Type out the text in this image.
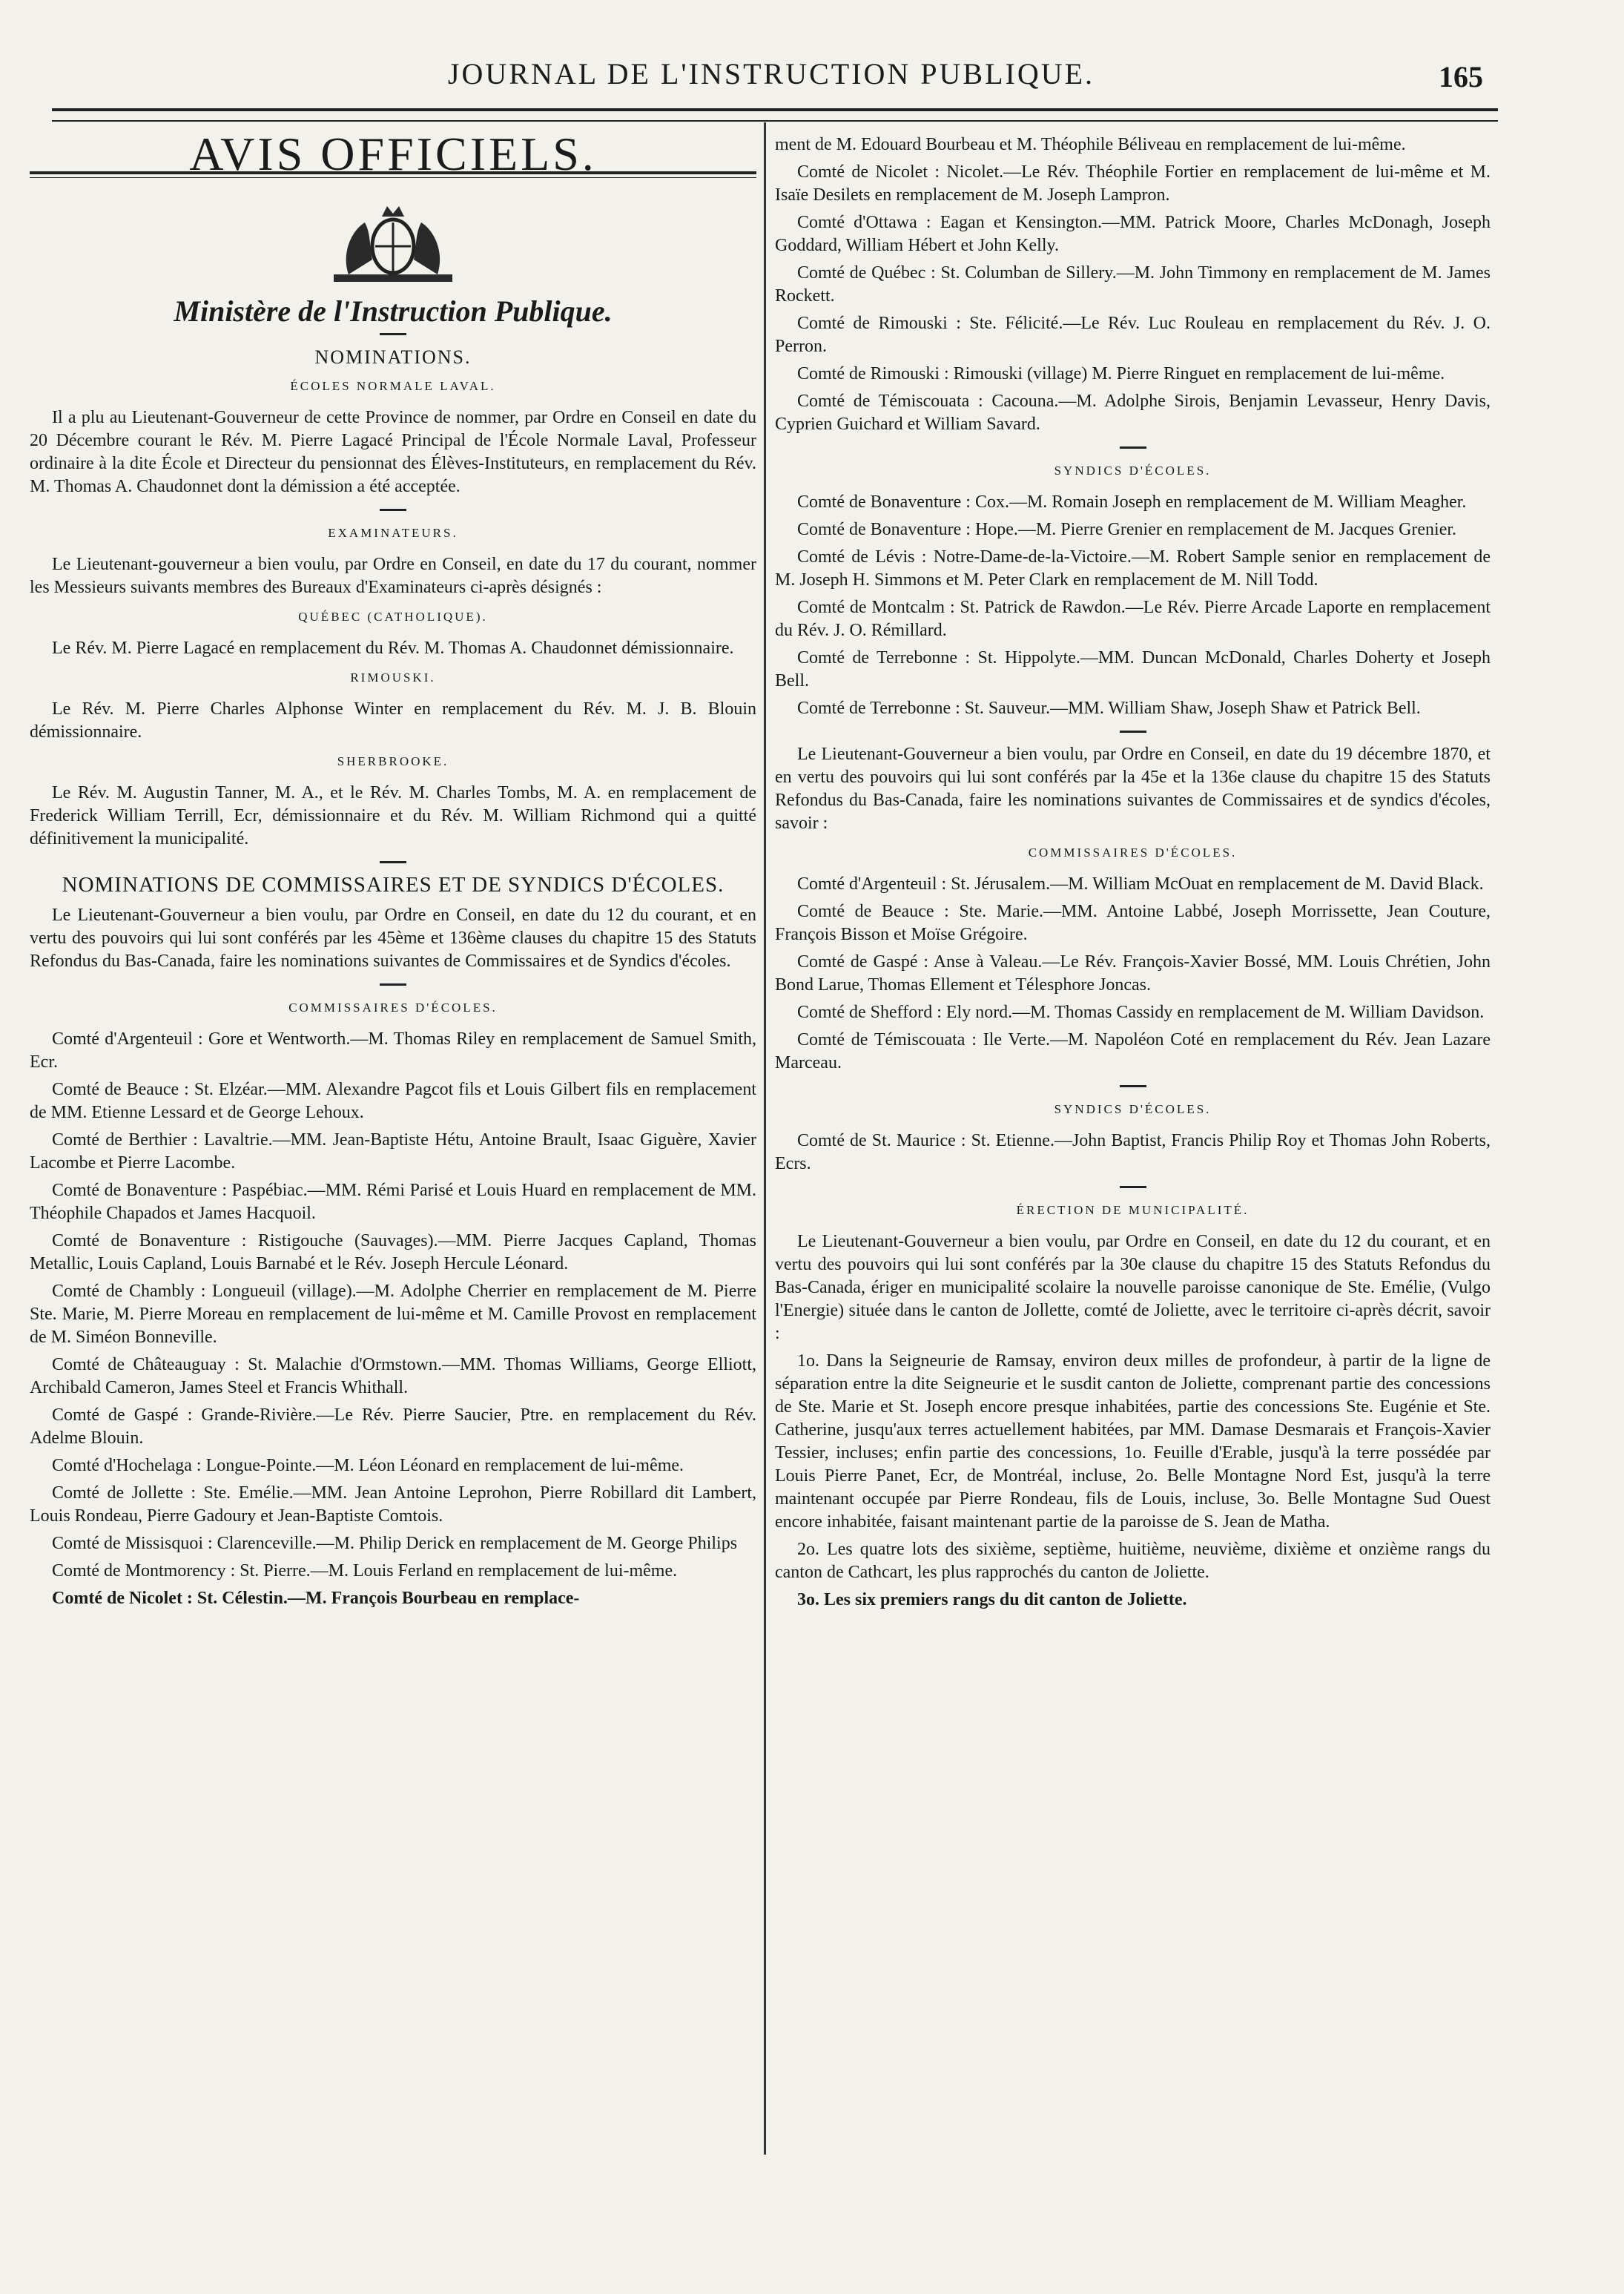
JOURNAL DE L'INSTRUCTION PUBLIQUE.	165
AVIS OFFICIELS.
Ministère de l'Instruction Publique.
NOMINATIONS.
ÉCOLES NORMALE LAVAL.

Il a plu au Lieutenant-Gouverneur de cette Province de nommer, par Ordre en Conseil en date du 20 Décembre courant le Rév. M. Pierre Lagacé Principal de l'École Normale Laval, Professeur ordinaire à la dite École et Directeur du pensionnat des Élèves-Instituteurs, en remplacement du Rév. M. Thomas A. Chaudonnet dont la démission a été acceptée.

EXAMINATEURS.

Le Lieutenant-gouverneur a bien voulu, par Ordre en Conseil, en date du 17 du courant, nommer les Messieurs suivants membres des Bureaux d'Examinateurs ci-après désignés :

QUÉBEC (CATHOLIQUE).

Le Rév. M. Pierre Lagacé en remplacement du Rév. M. Thomas A. Chaudonnet démissionnaire.

RIMOUSKI.

Le Rév. M. Pierre Charles Alphonse Winter en remplacement du Rév. M. J. B. Blouin démissionnaire.

SHERBROOKE.

Le Rév. M. Augustin Tanner, M. A., et le Rév. M. Charles Tombs, M. A. en remplacement de Frederick William Terrill, Ecr, démissionnaire et du Rév. M. William Richmond qui a quitté définitivement la municipalité.

NOMINATIONS DE COMMISSAIRES ET DE SYNDICS D'ÉCOLES.

Le Lieutenant-Gouverneur a bien voulu, par Ordre en Conseil, en date du 12 du courant, et en vertu des pouvoirs qui lui sont conférés par les 45ème et 136ème clauses du chapitre 15 des Statuts Refondus du Bas-Canada, faire les nominations suivantes de Commissaires et de Syndics d'écoles.

COMMISSAIRES D'ÉCOLES.

Comté d'Argenteuil : Gore et Wentworth.—M. Thomas Riley en remplacement de Samuel Smith, Ecr.

Comté de Beauce : St. Elzéar.—MM. Alexandre Pagcot fils et Louis Gilbert fils en remplacement de MM. Etienne Lessard et de George Lehoux.

Comté de Berthier : Lavaltrie.—MM. Jean-Baptiste Hétu, Antoine Brault, Isaac Giguère, Xavier Lacombe et Pierre Lacombe.

Comté de Bonaventure : Paspébiac.—MM. Rémi Parisé et Louis Huard en remplacement de MM. Théophile Chapados et James Hacquoil.

Comté de Bonaventure : Ristigouche (Sauvages).—MM. Pierre Jacques Capland, Thomas Metallic, Louis Capland, Louis Barnabé et le Rév. Joseph Hercule Léonard.

Comté de Chambly : Longueuil (village).—M. Adolphe Cherrier en remplacement de M. Pierre Ste. Marie, M. Pierre Moreau en remplacement de lui-même et M. Camille Provost en remplacement de M. Siméon Bonneville.

Comté de Châteauguay : St. Malachie d'Ormstown.—MM. Thomas Williams, George Elliott, Archibald Cameron, James Steel et Francis Whithall.

Comté de Gaspé : Grande-Rivière.—Le Rév. Pierre Saucier, Ptre. en remplacement du Rév. Adelme Blouin.

Comté d'Hochelaga : Longue-Pointe.—M. Léon Léonard en remplacement de lui-même.

Comté de Jollette : Ste. Emélie.—MM. Jean Antoine Leprohon, Pierre Robillard dit Lambert, Louis Rondeau, Pierre Gadoury et Jean-Baptiste Comtois.

Comté de Missisquoi : Clarenceville.—M. Philip Derick en remplacement de M. George Philips

Comté de Montmorency : St. Pierre.—M. Louis Ferland en remplacement de lui-même.

Comté de Nicolet : St. Célestin.—M. François Bourbeau en remplace-

ment de M. Edouard Bourbeau et M. Théophile Béliveau en remplacement de lui-même.

Comté de Nicolet : Nicolet.—Le Rév. Théophile Fortier en remplacement de lui-même et M. Isaïe Desilets en remplacement de M. Joseph Lampron.

Comté d'Ottawa : Eagan et Kensington.—MM. Patrick Moore, Charles McDonagh, Joseph Goddard, William Hébert et John Kelly.

Comté de Québec : St. Columban de Sillery.—M. John Timmony en remplacement de M. James Rockett.

Comté de Rimouski : Ste. Félicité.—Le Rév. Luc Rouleau en remplacement du Rév. J. O. Perron.

Comté de Rimouski : Rimouski (village) M. Pierre Ringuet en remplacement de lui-même.

Comté de Témiscouata : Cacouna.—M. Adolphe Sirois, Benjamin Levasseur, Henry Davis, Cyprien Guichard et William Savard.

SYNDICS D'ÉCOLES.

Comté de Bonaventure : Cox.—M. Romain Joseph en remplacement de M. William Meagher.

Comté de Bonaventure : Hope.—M. Pierre Grenier en remplacement de M. Jacques Grenier.

Comté de Lévis : Notre-Dame-de-la-Victoire.—M. Robert Sample senior en remplacement de M. Joseph H. Simmons et M. Peter Clark en remplacement de M. Nill Todd.

Comté de Montcalm : St. Patrick de Rawdon.—Le Rév. Pierre Arcade Laporte en remplacement du Rév. J. O. Rémillard.

Comté de Terrebonne : St. Hippolyte.—MM. Duncan McDonald, Charles Doherty et Joseph Bell.

Comté de Terrebonne : St. Sauveur.—MM. William Shaw, Joseph Shaw et Patrick Bell.

Le Lieutenant-Gouverneur a bien voulu, par Ordre en Conseil, en date du 19 décembre 1870, et en vertu des pouvoirs qui lui sont conférés par la 45e et la 136e clause du chapitre 15 des Statuts Refondus du Bas-Canada, faire les nominations suivantes de Commissaires et de syndics d'écoles, savoir :

COMMISSAIRES D'ÉCOLES.

Comté d'Argenteuil : St. Jérusalem.—M. William McOuat en remplacement de M. David Black.

Comté de Beauce : Ste. Marie.—MM. Antoine Labbé, Joseph Morrissette, Jean Couture, François Bisson et Moïse Grégoire.

Comté de Gaspé : Anse à Valeau.—Le Rév. François-Xavier Bossé, MM. Louis Chrétien, John Bond Larue, Thomas Ellement et Télesphore Joncas.

Comté de Shefford : Ely nord.—M. Thomas Cassidy en remplacement de M. William Davidson.

Comté de Témiscouata : Ile Verte.—M. Napoléon Coté en remplacement du Rév. Jean Lazare Marceau.

SYNDICS D'ÉCOLES.

Comté de St. Maurice : St. Etienne.—John Baptist, Francis Philip Roy et Thomas John Roberts, Ecrs.

ÉRECTION DE MUNICIPALITÉ.

Le Lieutenant-Gouverneur a bien voulu, par Ordre en Conseil, en date du 12 du courant, et en vertu des pouvoirs qui lui sont conférés par la 30e clause du chapitre 15 des Statuts Refondus du Bas-Canada, ériger en municipalité scolaire la nouvelle paroisse canonique de Ste. Emélie, (Vulgo l'Energie) située dans le canton de Jollette, comté de Joliette, avec le territoire ci-après décrit, savoir :

1o. Dans la Seigneurie de Ramsay, environ deux milles de profondeur, à partir de la ligne de séparation entre la dite Seigneurie et le susdit canton de Joliette, comprenant partie des concessions de Ste. Marie et St. Joseph encore presque inhabitées, partie des concessions Ste. Eugénie et Ste. Catherine, jusqu'aux terres actuellement habitées, par MM. Damase Desmarais et François-Xavier Tessier, incluses; enfin partie des concessions, 1o. Feuille d'Erable, jusqu'à la terre possédée par Louis Pierre Panet, Ecr, de Montréal, incluse, 2o. Belle Montagne Nord Est, jusqu'à la terre maintenant occupée par Pierre Rondeau, fils de Louis, incluse, 3o. Belle Montagne Sud Ouest encore inhabitée, faisant maintenant partie de la paroisse de S. Jean de Matha.

2o. Les quatre lots des sixième, septième, huitième, neuvième, dixième et onzième rangs du canton de Cathcart, les plus rapprochés du canton de Joliette.

3o. Les six premiers rangs du dit canton de Joliette.
